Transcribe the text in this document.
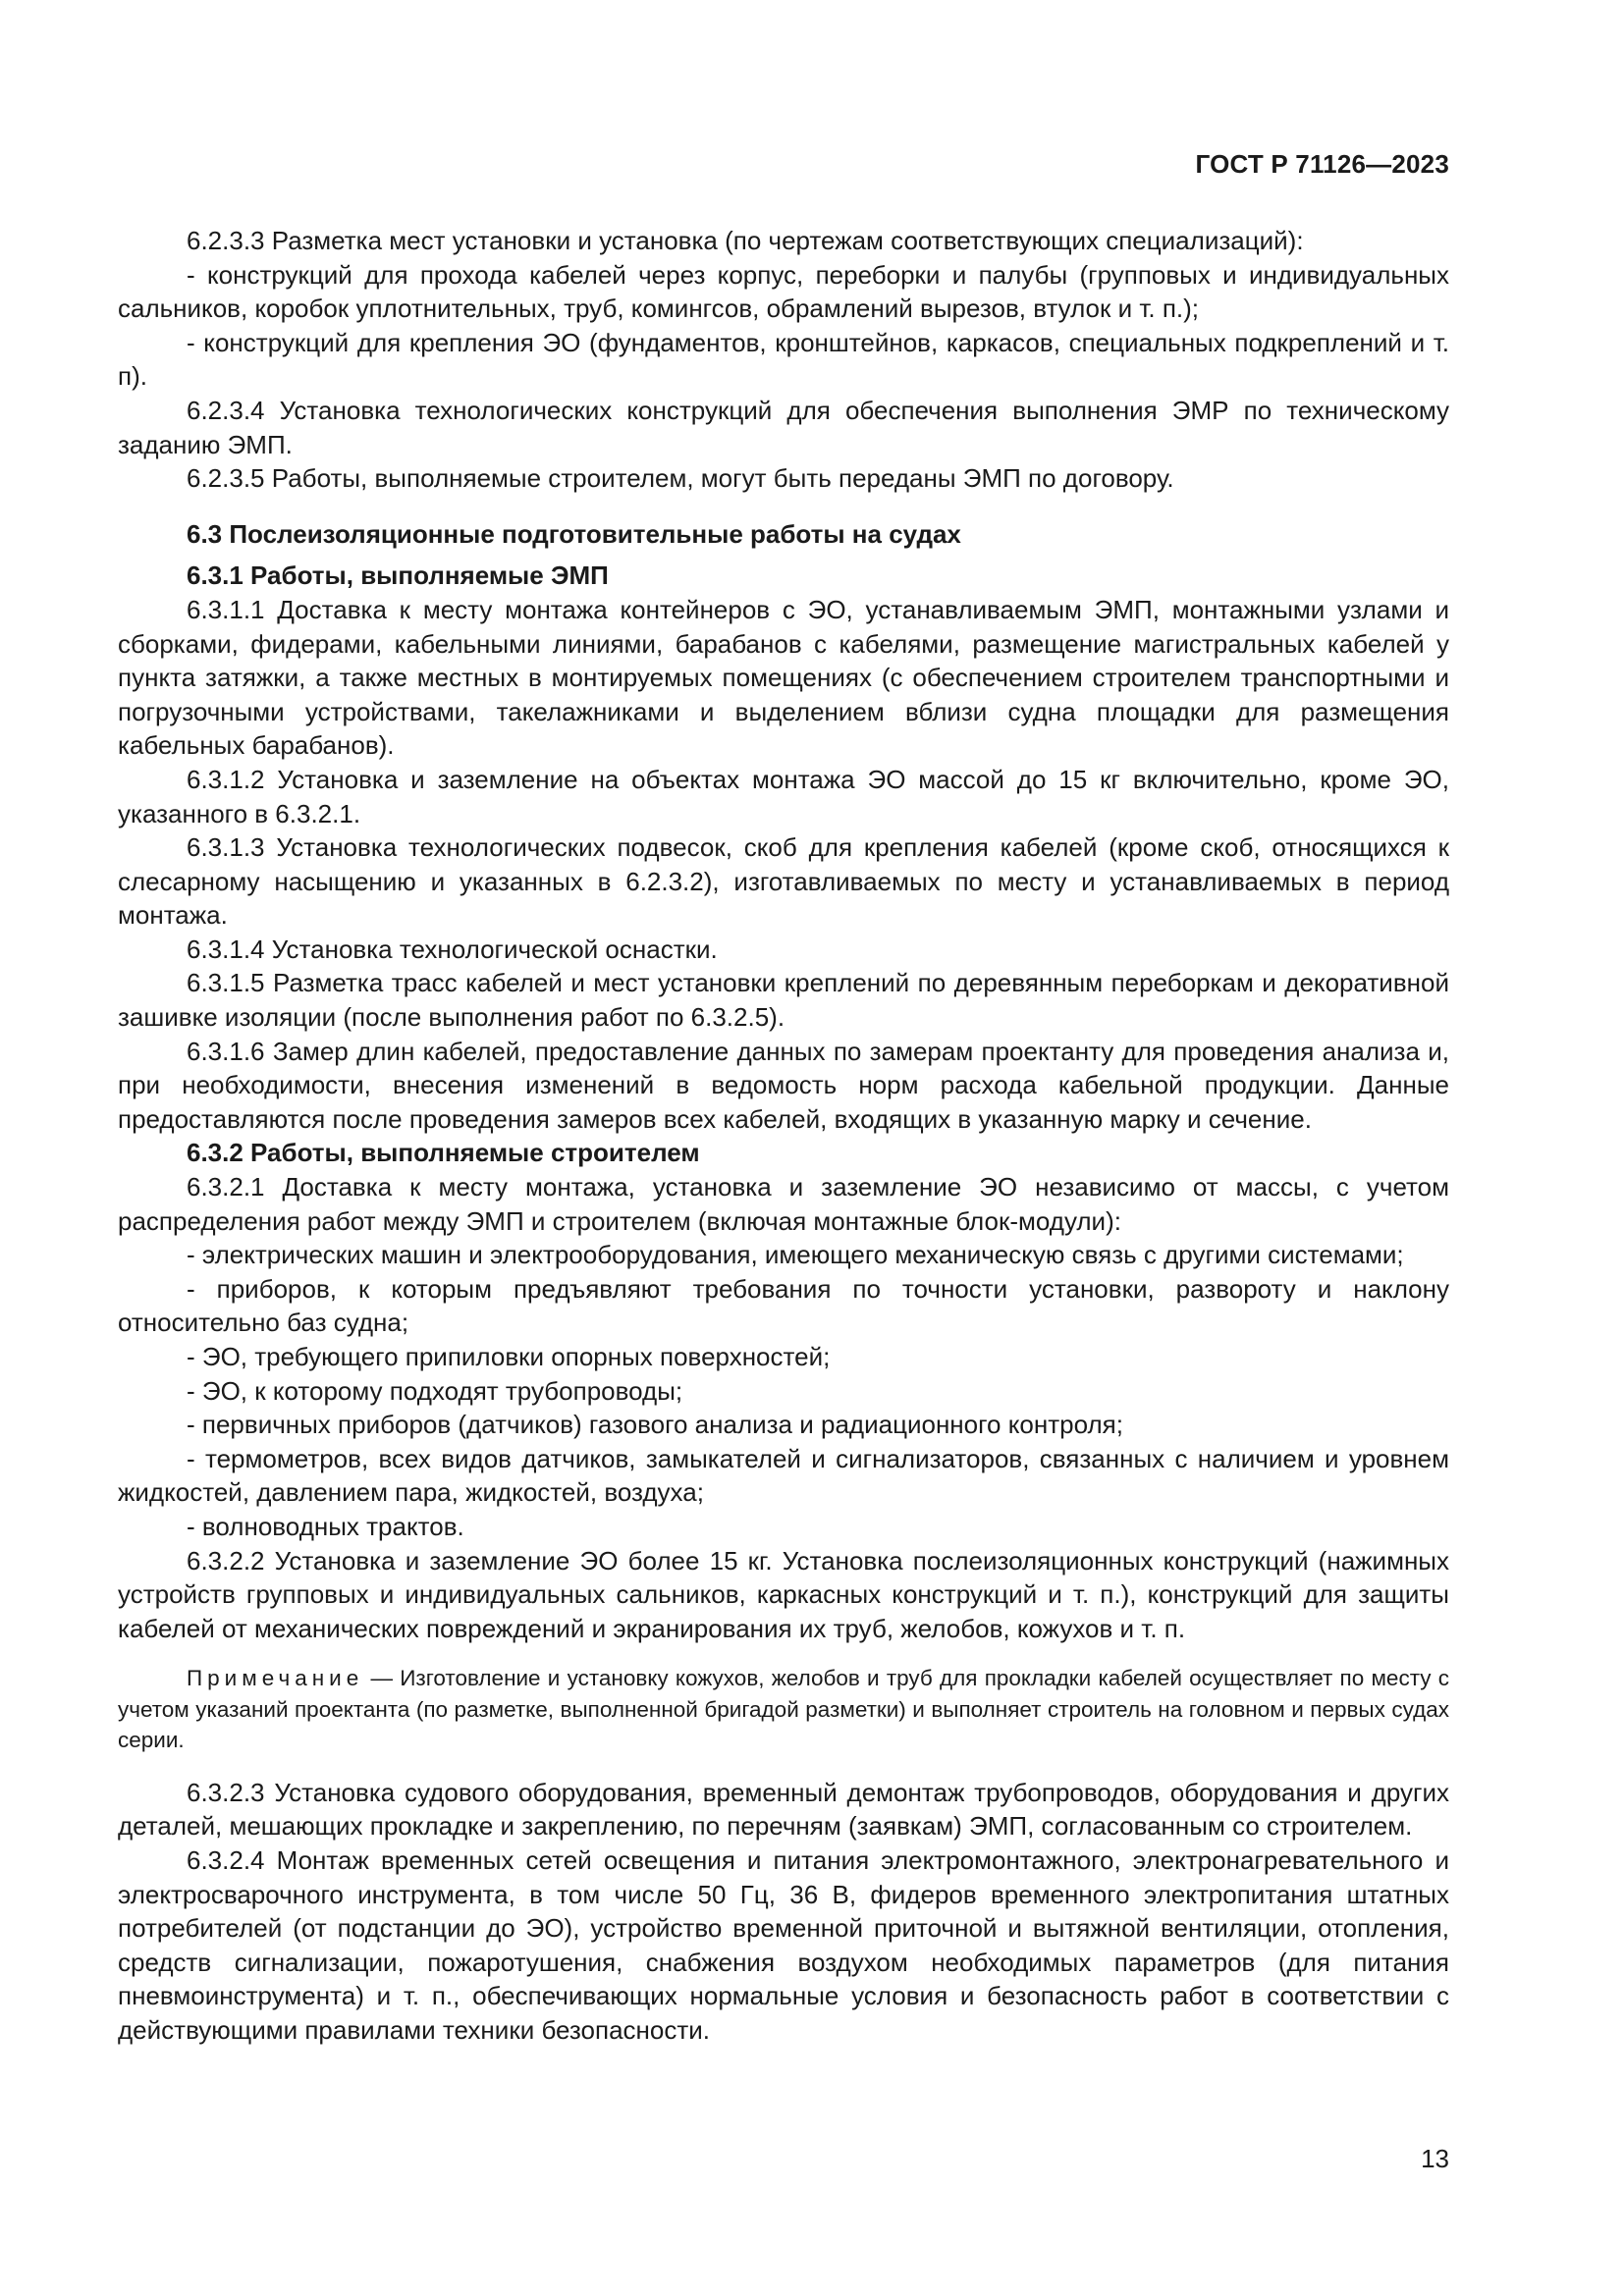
ГОСТ Р 71126—2023

6.2.3.3 Разметка мест установки и установка (по чертежам соответствующих специализаций):

- конструкций для прохода кабелей через корпус, переборки и палубы (групповых и индивидуальных сальников, коробок уплотнительных, труб, комингсов, обрамлений вырезов, втулок и т. п.);

- конструкций для крепления ЭО (фундаментов, кронштейнов, каркасов, специальных подкреплений и т. п).

6.2.3.4 Установка технологических конструкций для обеспечения выполнения ЭМР по техническому заданию ЭМП.

6.2.3.5 Работы, выполняемые строителем, могут быть переданы ЭМП по договору.

6.3 Послеизоляционные подготовительные работы на судах
6.3.1 Работы, выполняемые ЭМП

6.3.1.1 Доставка к месту монтажа контейнеров с ЭО, устанавливаемым ЭМП, монтажными узлами и сборками, фидерами, кабельными линиями, барабанов с кабелями, размещение магистральных кабелей у пункта затяжки, а также местных в монтируемых помещениях (с обеспечением строителем транспортными и погрузочными устройствами, такелажниками и выделением вблизи судна площадки для размещения кабельных барабанов).

6.3.1.2 Установка и заземление на объектах монтажа ЭО массой до 15 кг включительно, кроме ЭО, указанного в 6.3.2.1.

6.3.1.3 Установка технологических подвесок, скоб для крепления кабелей (кроме скоб, относящихся к слесарному насыщению и указанных в 6.2.3.2), изготавливаемых по месту и устанавливаемых в период монтажа.

6.3.1.4 Установка технологической оснастки.

6.3.1.5 Разметка трасс кабелей и мест установки креплений по деревянным переборкам и декоративной зашивке изоляции (после выполнения работ по 6.3.2.5).

6.3.1.6 Замер длин кабелей, предоставление данных по замерам проектанту для проведения анализа и, при необходимости, внесения изменений в ведомость норм расхода кабельной продукции. Данные предоставляются после проведения замеров всех кабелей, входящих в указанную марку и сечение.

6.3.2 Работы, выполняемые строителем

6.3.2.1 Доставка к месту монтажа, установка и заземление ЭО независимо от массы, с учетом распределения работ между ЭМП и строителем (включая монтажные блок-модули):

- электрических машин и электрооборудования, имеющего механическую связь с другими системами;

- приборов, к которым предъявляют требования по точности установки, развороту и наклону относительно баз судна;

- ЭО, требующего припиловки опорных поверхностей;

- ЭО, к которому подходят трубопроводы;

- первичных приборов (датчиков) газового анализа и радиационного контроля;

- термометров, всех видов датчиков, замыкателей и сигнализаторов, связанных с наличием и уровнем жидкостей, давлением пара, жидкостей, воздуха;

- волноводных трактов.

6.3.2.2 Установка и заземление ЭО более 15 кг. Установка послеизоляционных конструкций (нажимных устройств групповых и индивидуальных сальников, каркасных конструкций и т. п.), конструкций для защиты кабелей от механических повреждений и экранирования их труб, желобов, кожухов и т. п.

Примечание — Изготовление и установку кожухов, желобов и труб для прокладки кабелей осуществляет по месту с учетом указаний проектанта (по разметке, выполненной бригадой разметки) и выполняет строитель на головном и первых судах серии.

6.3.2.3 Установка судового оборудования, временный демонтаж трубопроводов, оборудования и других деталей, мешающих прокладке и закреплению, по перечням (заявкам) ЭМП, согласованным со строителем.

6.3.2.4 Монтаж временных сетей освещения и питания электромонтажного, электронагревательного и электросварочного инструмента, в том числе 50 Гц, 36 В, фидеров временного электропитания штатных потребителей (от подстанции до ЭО), устройство временной приточной и вытяжной вентиляции, отопления, средств сигнализации, пожаротушения, снабжения воздухом необходимых параметров (для питания пневмоинструмента) и т. п., обеспечивающих нормальные условия и безопасность работ в соответствии с действующими правилами техники безопасности.

13
